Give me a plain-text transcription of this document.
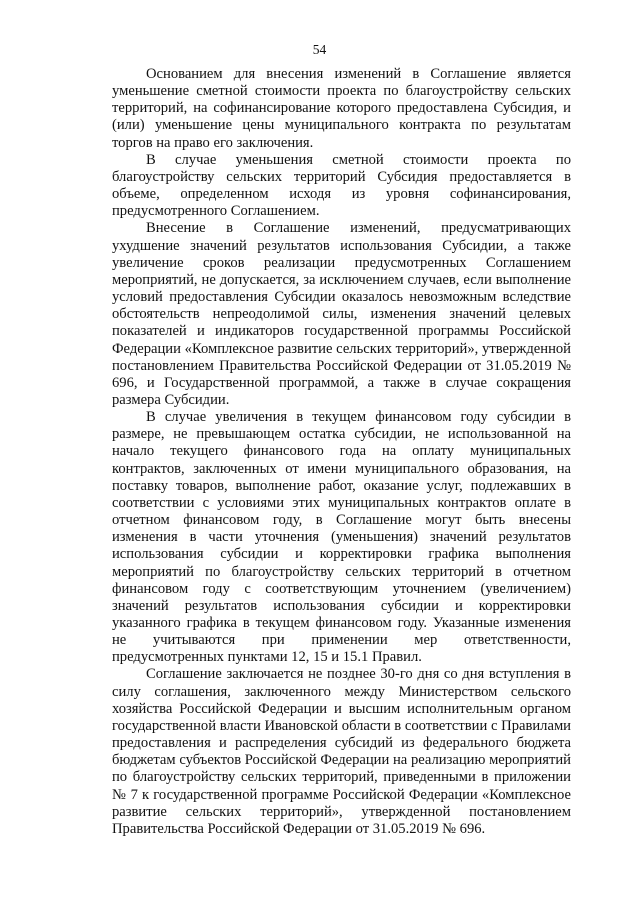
54

Основанием для внесения изменений в Соглашение является уменьшение сметной стоимости проекта по благоустройству сельских территорий, на софинансирование которого предоставлена Субсидия, и (или) уменьшение цены муниципального контракта по результатам торгов на право его заключения.

В случае уменьшения сметной стоимости проекта по благоустройству сельских территорий Субсидия предоставляется в объеме, определенном исходя из уровня софинансирования, предусмотренного Соглашением.

Внесение в Соглашение изменений, предусматривающих ухудшение значений результатов использования Субсидии, а также увеличение сроков реализации предусмотренных Соглашением мероприятий, не допускается, за исключением случаев, если выполнение условий предоставления Субсидии оказалось невозможным вследствие обстоятельств непреодолимой силы, изменения значений целевых показателей и индикаторов государственной программы Российской Федерации «Комплексное развитие сельских территорий», утвержденной постановлением Правительства Российской Федерации от 31.05.2019 № 696, и Государственной программой, а также в случае сокращения размера Субсидии.

В случае увеличения в текущем финансовом году субсидии в размере, не превышающем остатка субсидии, не использованной на начало текущего финансового года на оплату муниципальных контрактов, заключенных от имени муниципального образования, на поставку товаров, выполнение работ, оказание услуг, подлежавших в соответствии с условиями этих муниципальных контрактов оплате в отчетном финансовом году, в Соглашение могут быть внесены изменения в части уточнения (уменьшения) значений результатов использования субсидии и корректировки графика выполнения мероприятий по благоустройству сельских территорий в отчетном финансовом году с соответствующим уточнением (увеличением) значений результатов использования субсидии и корректировки указанного графика в текущем финансовом году. Указанные изменения не учитываются при применении мер ответственности, предусмотренных пунктами 12, 15 и 15.1 Правил.

Соглашение заключается не позднее 30-го дня со дня вступления в силу соглашения, заключенного между Министерством сельского хозяйства Российской Федерации и высшим исполнительным органом государственной власти Ивановской области в соответствии с Правилами предоставления и распределения субсидий из федерального бюджета бюджетам субъектов Российской Федерации на реализацию мероприятий по благоустройству сельских территорий, приведенными в приложении № 7 к государственной программе Российской Федерации «Комплексное развитие сельских территорий», утвержденной постановлением Правительства Российской Федерации от 31.05.2019 № 696.
